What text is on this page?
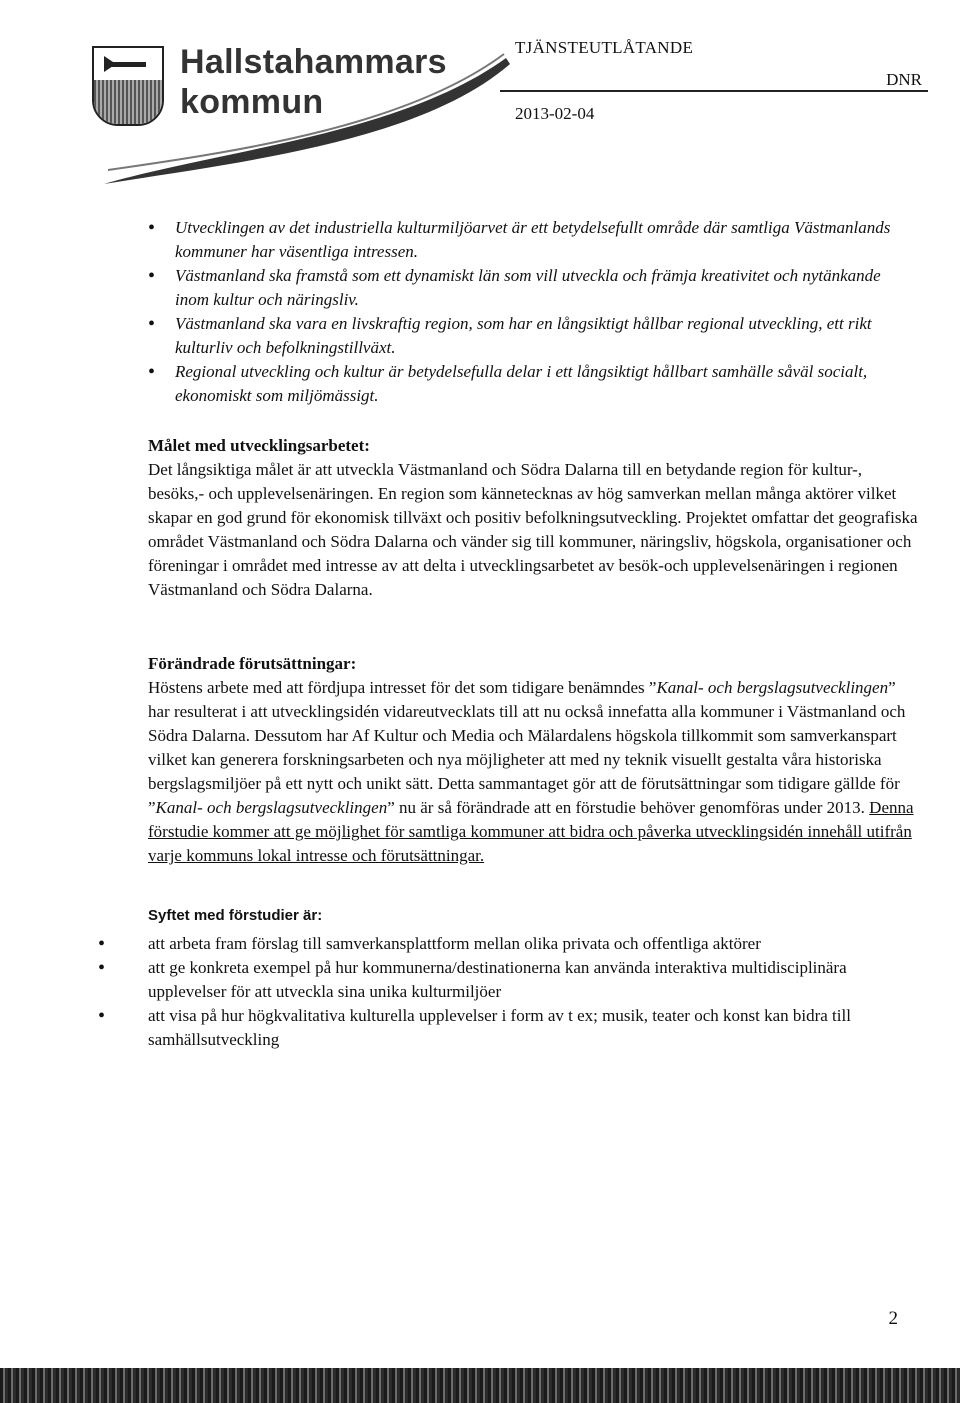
Hallstahammars
kommun
TJÄNSTEUTLÅTANDE
DNR
2013-02-04
• Utvecklingen av det industriella kulturmiljöarvet är ett betydelsefullt område där samtliga Västmanlands kommuner har väsentliga intressen.
• Västmanland ska framstå som ett dynamiskt län som vill utveckla och främja kreativitet och nytänkande inom kultur och näringsliv.
• Västmanland ska vara en livskraftig region, som har en långsiktigt hållbar regional utveckling, ett rikt kulturliv och befolkningstillväxt.
• Regional utveckling och kultur är betydelsefulla delar i ett långsiktigt hållbart samhälle såväl socialt, ekonomiskt som miljömässigt.

Målet med utvecklingsarbetet:

Det långsiktiga målet är att utveckla Västmanland och Södra Dalarna till en betydande region för kultur-, besöks,- och upplevelsenäringen. En region som kännetecknas av hög samverkan mellan många aktörer vilket skapar en god grund för ekonomisk tillväxt och positiv befolkningsutveckling. Projektet omfattar det geografiska området Västmanland och Södra Dalarna och vänder sig till kommuner, näringsliv, högskola, organisationer och föreningar i området med intresse av att delta i utvecklingsarbetet av besök-och upplevelsenäringen i regionen Västmanland och Södra Dalarna.

Förändrade förutsättningar:

Höstens arbete med att fördjupa intresset för det som tidigare benämndes ”Kanal- och bergslagsutvecklingen” har resulterat i att utvecklingsidén vidareutvecklats till att nu också innefatta alla kommuner i Västmanland och Södra Dalarna. Dessutom har Af Kultur och Media och Mälardalens högskola tillkommit som samverkanspart vilket kan generera forskningsarbeten och nya möjligheter att med ny teknik visuellt gestalta våra historiska bergslagsmiljöer på ett nytt och unikt sätt. Detta sammantaget gör att de förutsättningar som tidigare gällde för ”Kanal- och bergslagsutvecklingen” nu är så förändrade att en förstudie behöver genomföras under 2013. Denna förstudie kommer att ge möjlighet för samtliga kommuner att bidra och påverka utvecklingsidén innehåll utifrån varje kommuns lokal intresse och förutsättningar.

Syftet med förstudier är:

• att arbeta fram förslag till samverkansplattform mellan olika privata och offentliga aktörer
• att ge konkreta exempel på hur kommunerna/destinationerna kan använda interaktiva multidisciplinära upplevelser för att utveckla sina unika kulturmiljöer
• att visa på hur högkvalitativa kulturella upplevelser i form av t ex; musik, teater och konst kan bidra till samhällsutveckling
2
